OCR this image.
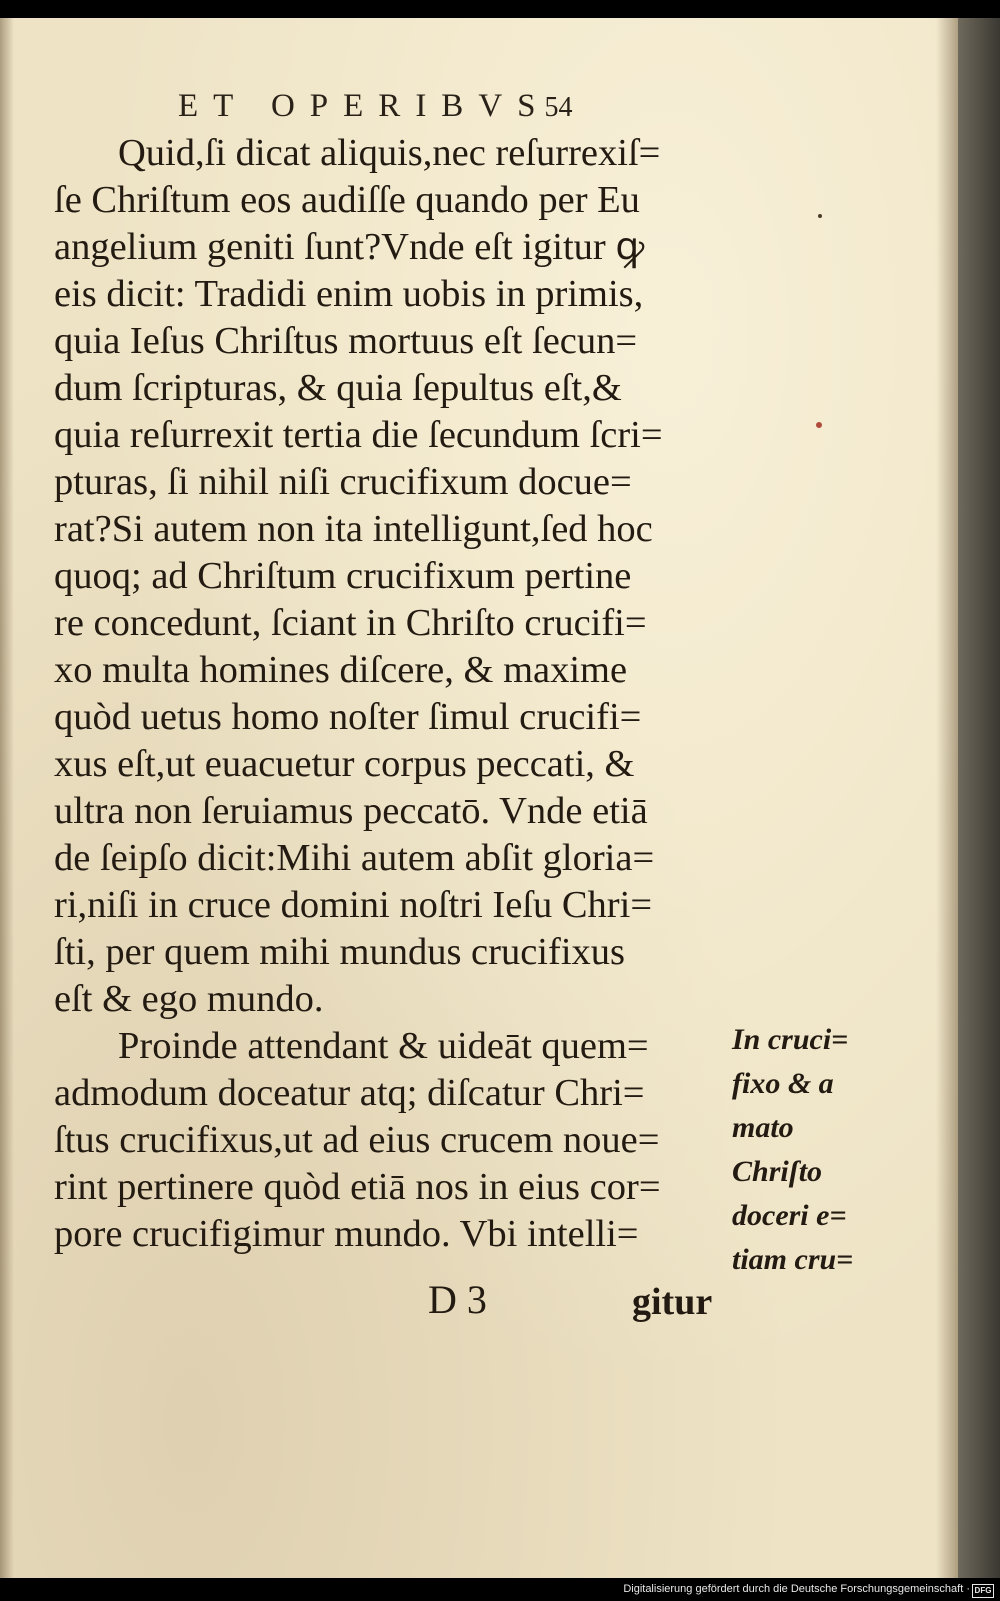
ET OPERIBVS54
Quid,ſi dicat aliquis,nec reſurrexiſ=
ſe Chriſtum eos audiſſe quando per Eu
angelium geniti ſunt?Vnde eſt igitur ꝙ
eis dicit: Tradidi enim uobis in primis,
quia Ieſus Chriſtus mortuus eſt ſecun=
dum ſcripturas, & quia ſepultus eſt,&
quia reſurrexit tertia die ſecundum ſcri=
pturas, ſi nihil niſi crucifixum docue=
rat?Si autem non ita intelligunt,ſed hoc
quoq; ad Chriſtum crucifixum pertine
re concedunt, ſciant in Chriſto crucifi=
xo multa homines diſcere, & maxime
quòd uetus homo noſter ſimul crucifi=
xus eſt,ut euacuetur corpus peccati, &
ultra non ſeruiamus peccatō. Vnde etiā
de ſeipſo dicit:Mihi autem abſit gloria=
ri,niſi in cruce domini noſtri Ieſu Chri=
ſti, per quem mihi mundus crucifixus
eſt & ego mundo.
Proinde attendant & uideāt quem=
admodum doceatur atq; diſcatur Chri=
ſtus crucifixus,ut ad eius crucem noue=
rint pertinere quòd etiā nos in eius cor=
pore crucifigimur mundo. Vbi intelli=
In cruci=
fixo & a
mato
Chriſto
doceri e=
tiam cru=
D 3	gitur
Digitalisierung gefördert durch die Deutsche Forschungsgemeinschaft · DFG
